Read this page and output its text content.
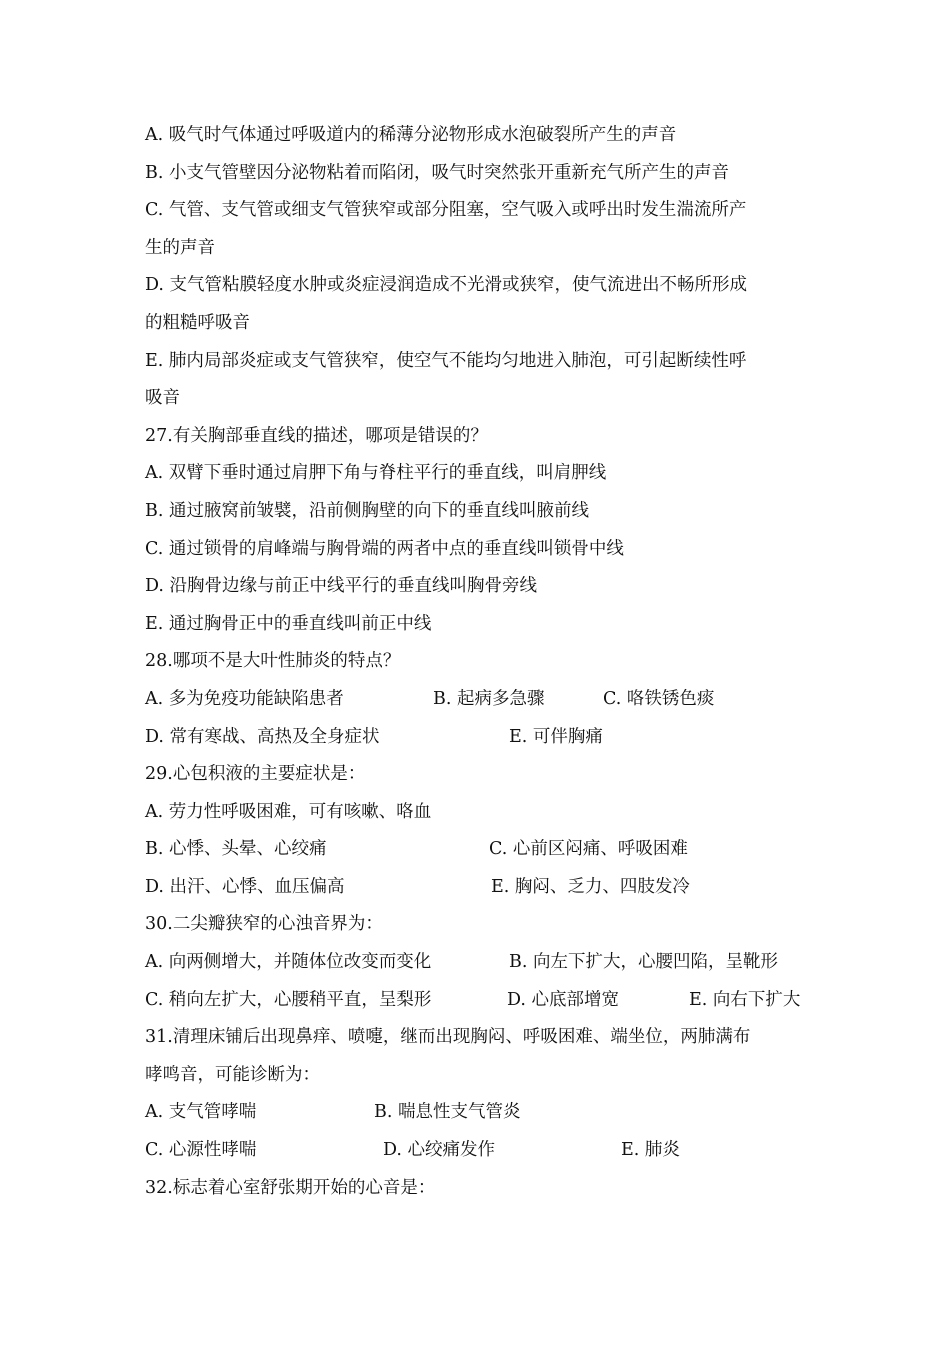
A. 吸气时气体通过呼吸道内的稀薄分泌物形成水泡破裂所产生的声音
B. 小支气管壁因分泌物粘着而陷闭，吸气时突然张开重新充气所产生的声音
C. 气管、支气管或细支气管狭窄或部分阻塞，空气吸入或呼出时发生湍流所产
生的声音
D. 支气管粘膜轻度水肿或炎症浸润造成不光滑或狭窄，使气流进出不畅所形成
的粗糙呼吸音
E. 肺内局部炎症或支气管狭窄，使空气不能均匀地进入肺泡，可引起断续性呼
吸音
27.有关胸部垂直线的描述，哪项是错误的？
A. 双臂下垂时通过肩胛下角与脊柱平行的垂直线，叫肩胛线
B. 通过腋窝前皱襞，沿前侧胸壁的向下的垂直线叫腋前线
C. 通过锁骨的肩峰端与胸骨端的两者中点的垂直线叫锁骨中线
D. 沿胸骨边缘与前正中线平行的垂直线叫胸骨旁线
E. 通过胸骨正中的垂直线叫前正中线
28.哪项不是大叶性肺炎的特点？
A. 多为免疫功能缺陷患者	B. 起病多急骤	C. 咯铁锈色痰
D. 常有寒战、高热及全身症状	E. 可伴胸痛
29.心包积液的主要症状是：
A. 劳力性呼吸困难，可有咳嗽、咯血
B. 心悸、头晕、心绞痛	C. 心前区闷痛、呼吸困难
D. 出汗、心悸、血压偏高	E. 胸闷、乏力、四肢发冷
30.二尖瓣狭窄的心浊音界为：
A. 向两侧增大，并随体位改变而变化	B. 向左下扩大，心腰凹陷，呈靴形
C. 稍向左扩大，心腰稍平直，呈梨形	D. 心底部增宽	E. 向右下扩大
31.清理床铺后出现鼻痒、喷嚏，继而出现胸闷、呼吸困难、端坐位，两肺满布
哮鸣音，可能诊断为：
A. 支气管哮喘	B. 喘息性支气管炎
C. 心源性哮喘	D. 心绞痛发作	E. 肺炎
32.标志着心室舒张期开始的心音是：
